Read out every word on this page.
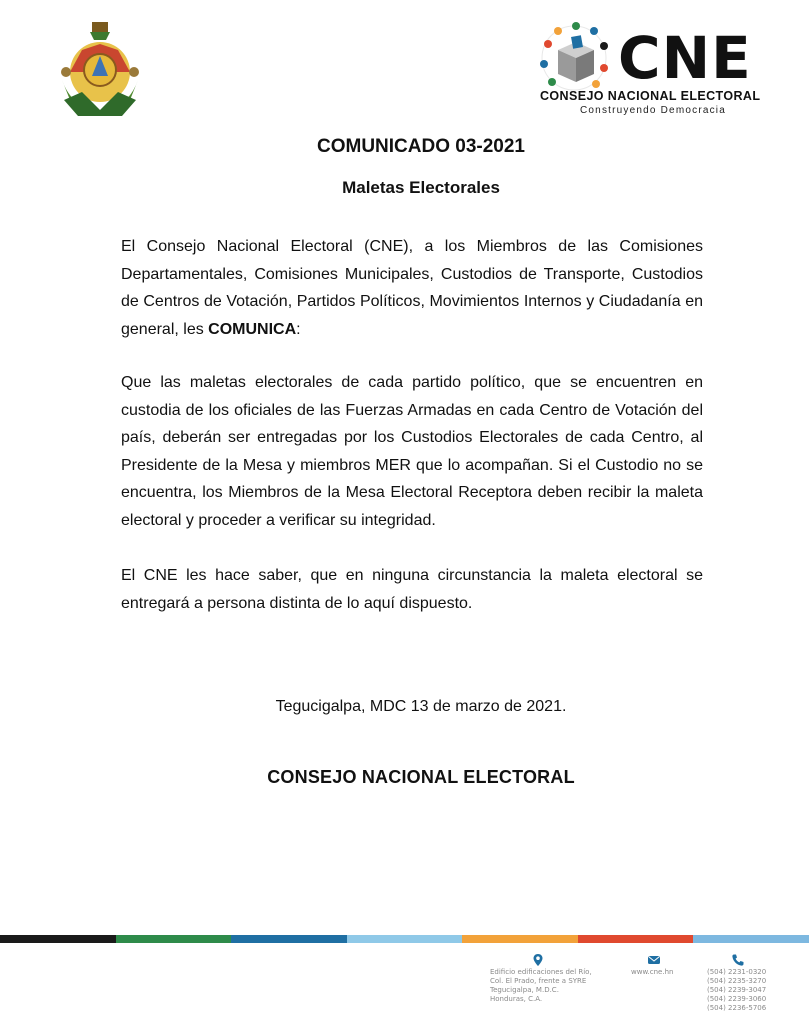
CNE
CONSEJO NACIONAL ELECTORAL
Construyendo Democracia
COMUNICADO 03-2021
Maletas Electorales
El Consejo Nacional Electoral (CNE), a los Miembros de las Comisiones Departamentales, Comisiones Municipales, Custodios de Transporte, Custodios de Centros de Votación, Partidos Políticos, Movimientos Internos y Ciudadanía en general, les COMUNICA:
Que las maletas electorales de cada partido político, que se encuentren en custodia de los oficiales de las Fuerzas Armadas en cada Centro de Votación del país, deberán ser entregadas por los Custodios Electorales de cada Centro, al Presidente de la Mesa y miembros MER que lo acompañan. Si el Custodio no se encuentra, los Miembros de la Mesa Electoral Receptora deben recibir la maleta electoral y proceder a verificar su integridad.
El CNE les hace saber, que en ninguna circunstancia la maleta electoral se entregará a persona distinta de lo aquí dispuesto.
Tegucigalpa, MDC 13 de marzo de 2021.
CONSEJO NACIONAL ELECTORAL
Edificio edificaciones del Río,
Col. El Prado, frente a SYRE
Tegucigalpa, M.D.C.
Honduras, C.A.
www.cne.hn	(504) 2231-0320
(504) 2235-3270
(504) 2239-3047
(504) 2239-3060
(504) 2236-5706
